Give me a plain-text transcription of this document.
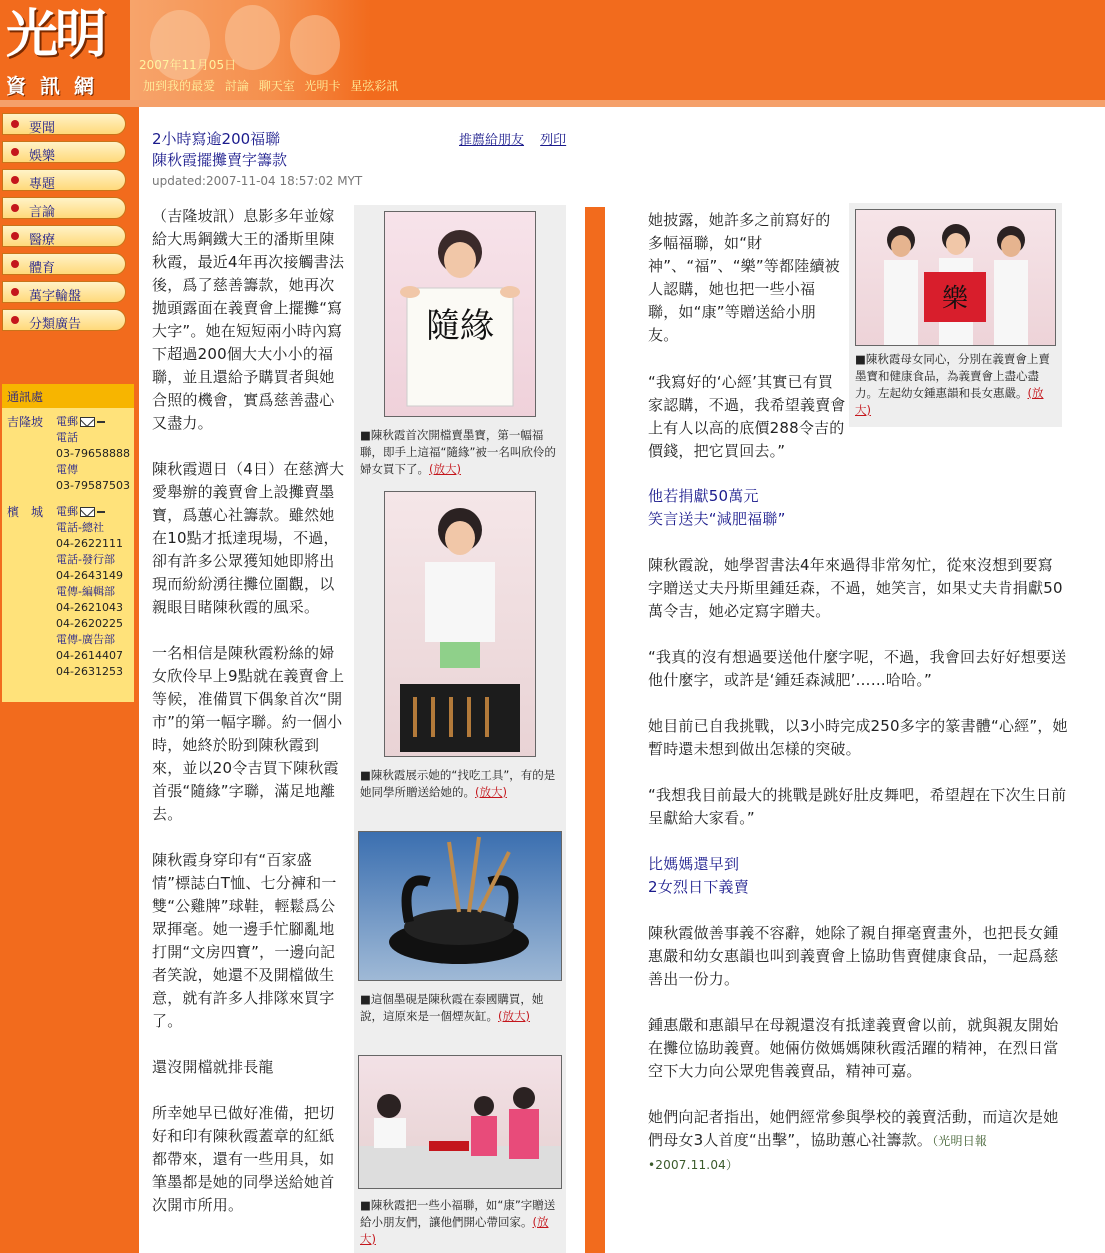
光明
資訊網
2007年11月05日
加到我的最愛 討論 聊天室 光明卡 星弦彩訊
要聞
娛樂
專題
言論
醫療
體育
萬字輪盤
分類廣告
通訊處
吉隆坡 電郵
電話
03-79658888
電傳
03-79587503
檳　城 電郵
電話-總社
04-2622111
電話-發行部
04-2643149
電傳-編輯部
04-2621043
04-2620225
電傳-廣告部
04-2614407
04-2631253
2小時寫逾200福聯
陳秋霞擺攤賣字籌款
updated:2007-11-04 18:57:02 MYT
推薦給朋友 列印

（吉隆坡訊）息影多年並嫁給大馬鋼鐵大王的潘斯里陳秋霞，最近4年再次接觸書法後，爲了慈善籌款，她再次拋頭露面在義賣會上擺攤“寫大字”。她在短短兩小時內寫下超過200個大大小小的福聯，並且還給予購買者與她合照的機會，實爲慈善盡心又盡力。

陳秋霞週日（4日）在慈濟大愛舉辦的義賣會上設攤賣墨寶，爲蕙心社籌款。雖然她在10點才抵達現場，不過，卻有許多公眾獲知她即將出現而紛紛湧往攤位圍觀，以親眼目睹陳秋霞的風采。

一名相信是陳秋霞粉絲的婦女欣伶早上9點就在義賣會上等候，准備買下偶象首次“開市”的第一幅字聯。約一個小時，她終於盼到陳秋霞到來，並以20令吉買下陳秋霞首張“隨緣”字聯，滿足地離去。

陳秋霞身穿印有“百家盛情”標誌白T恤、七分褲和一雙“公雞牌”球鞋，輕鬆爲公眾揮毫。她一邊手忙腳亂地打開“文房四寶”，一邊向記者笑說，她還不及開檔做生意，就有許多人排隊來買字了。

還沒開檔就排長龍

所幸她早已做好准備，把切好和印有陳秋霞蓋章的紅紙都帶來，還有一些用具，如筆墨都是她的同學送給她首次開市所用。

隨緣
■陳秋霞首次開檔賣墨寶，第一幅福聯，即手上這福“隨緣”被一名叫欣伶的婦女買下了。(放大)
■陳秋霞展示她的“找吃工具”，有的是她同學所贈送給她的。(放大)
■這個墨硯是陳秋霞在泰國購買，她說，這原來是一個煙灰缸。(放大)
■陳秋霞把一些小福聯，如“康”字贈送給小朋友們，讓他們開心帶回家。(放大)

她披露，她許多之前寫好的多幅福聯，如“財神”、“福”、“樂”等都陸續被人認購，她也把一些小福聯，如“康”等贈送給小朋友。

樂
■陳秋霞母女同心，分別在義賣會上賣墨寶和健康食品，為義賣會上盡心盡力。左起幼女鍾惠韻和長女惠嚴。(放大)

“我寫好的‘心經’其實已有買家認購，不過，我希望義賣會上有人以高的底價288令吉的價錢，把它買回去。”

他若捐獻50萬元
笑言送夫“減肥福聯”

陳秋霞說，她學習書法4年來過得非常匆忙，從來沒想到要寫字贈送丈夫丹斯里鍾廷森，不過，她笑言，如果丈夫肯捐獻50萬令吉，她必定寫字贈夫。

“我真的沒有想過要送他什麼字呢，不過，我會回去好好想要送他什麼字，或許是‘鍾廷森減肥’……哈哈。”

她目前已自我挑戰，以3小時完成250多字的篆書體“心經”，她暫時還未想到做出怎樣的突破。

“我想我目前最大的挑戰是跳好肚皮舞吧，希望趕在下次生日前呈獻給大家看。”

比媽媽還早到
2女烈日下義賣

陳秋霞做善事義不容辭，她除了親自揮毫賣畫外，也把長女鍾惠嚴和幼女惠韻也叫到義賣會上協助售賣健康食品，一起爲慈善出一份力。

鍾惠嚴和惠韻早在母親還沒有抵達義賣會以前，就與親友開始在攤位協助義賣。她倆仿傚媽媽陳秋霞活躍的精神，在烈日當空下大力向公眾兜售義賣品，精神可嘉。

她們向記者指出，她們經常參與學校的義賣活動，而這次是她們母女3人首度“出擊”，協助蕙心社籌款。（光明日報•2007.11.04）
